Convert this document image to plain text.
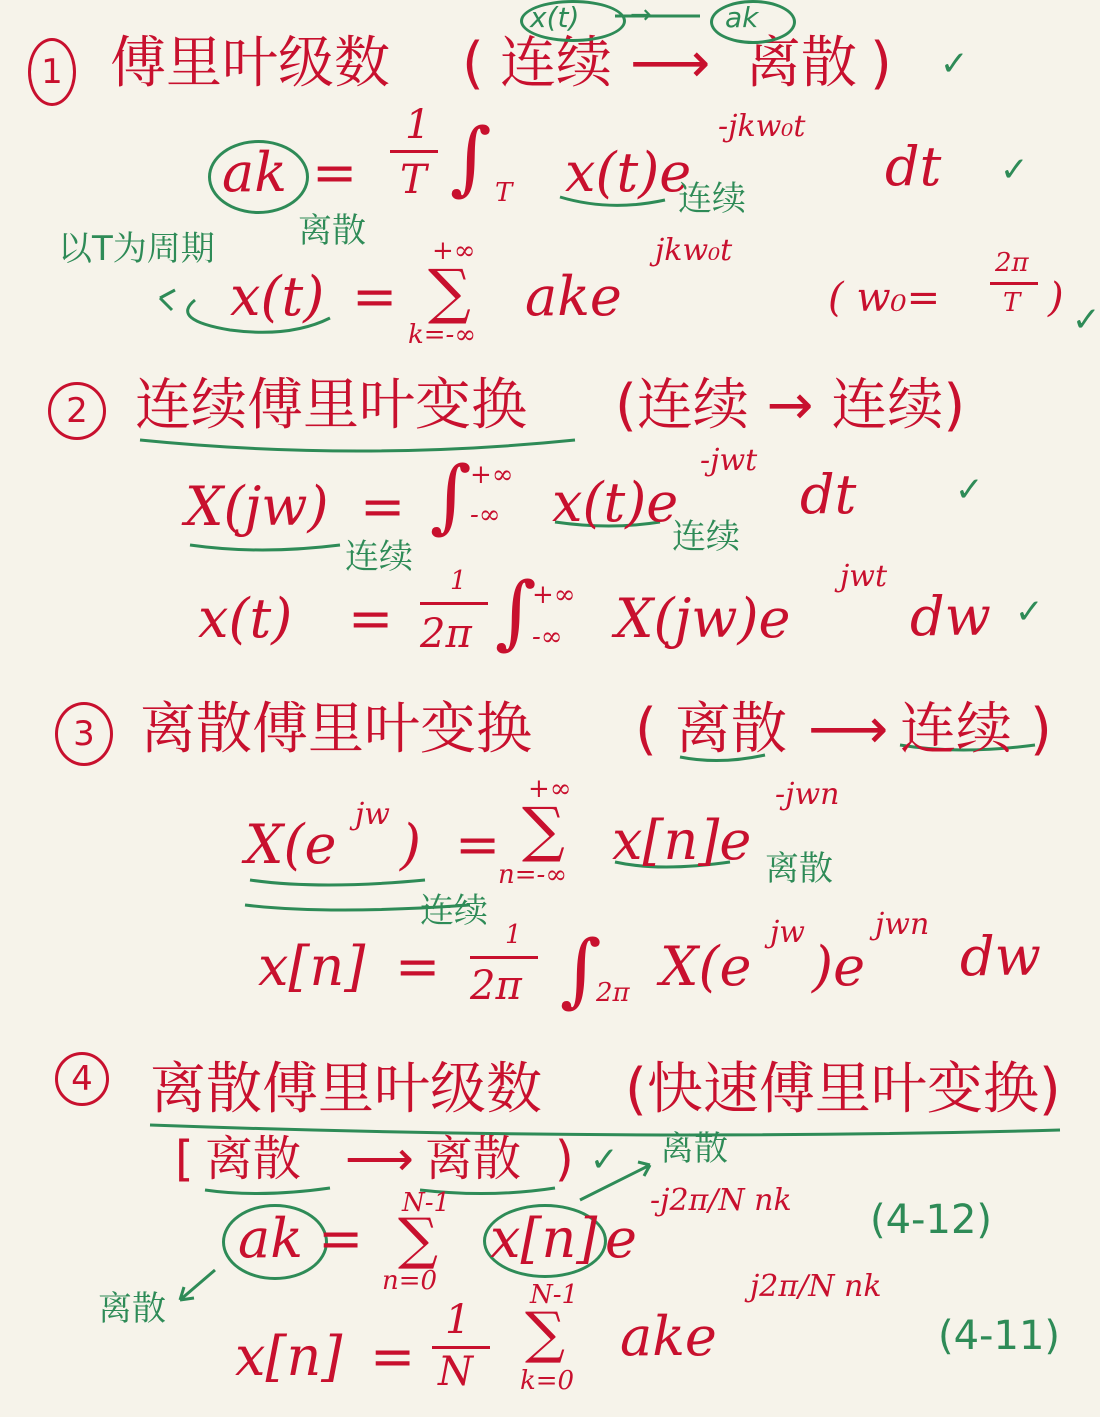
1 傅里叶级数 ( 连续 ⟶ 离散 ) ✓
x(t) →	ak
ak =
1
T ∫ T x(t)e
-jkw₀t
dt ✓
连续
以T为周期 离散
x(t) =
+∞
∑
k=-∞
ake
jkw₀t
( w₀=
2π
T ) ✓
2 连续傅里叶变换 (连续 → 连续)
X(jw) = ∫
+∞
-∞ x(t)e
-jwt
dt	✓
连续	连续
x(t) =
1
2π ∫
+∞
-∞ X(jw)e
jwt
dw ✓
3 离散傅里叶变换 ( 离散 ⟶ 连续 )
X(e jw ) =
+∞
∑
n=-∞
x[n]e
-jwn
离散
连续
x[n] = 1
2π ∫
2π X(e
jw
)e
jwn
dw
4 离散傅里叶级数 (快速傅里叶变换)
[ 离散 ⟶ 离散 ) ✓ 离散
ak =
N-1
∑
n=0
x[n] e
-j2π/N nk (4-12)
离散
x[n] =
1
N
N-1
∑
k=0
ake
j2π/N nk
(4-11)
